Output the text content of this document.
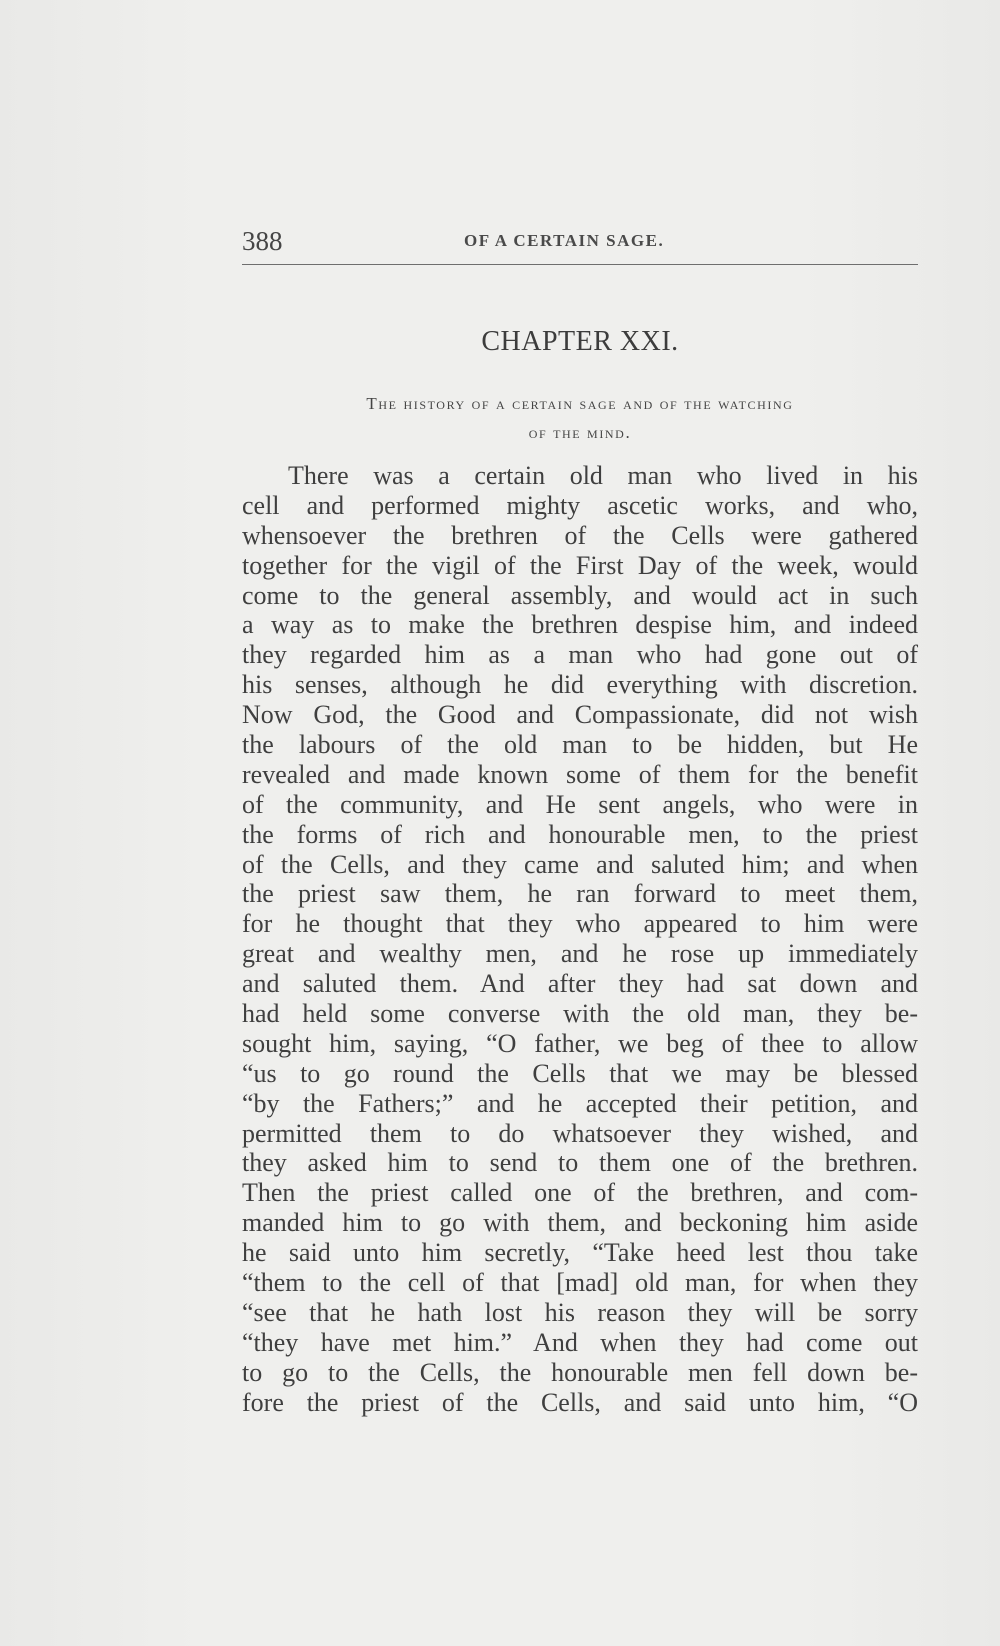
388	OF A CERTAIN SAGE.
CHAPTER XXI.
The history of a certain sage and of the watching
of the mind.
There was a certain old man who lived in his
cell and performed mighty ascetic works, and who,
whensoever the brethren of the Cells were gathered
together for the vigil of the First Day of the week, would
come to the general assembly, and would act in such
a way as to make the brethren despise him, and indeed
they regarded him as a man who had gone out of
his senses, although he did everything with discretion.
Now God, the Good and Compassionate, did not wish
the labours of the old man to be hidden, but He
revealed and made known some of them for the benefit
of the community, and He sent angels, who were in
the forms of rich and honourable men, to the priest
of the Cells, and they came and saluted him; and when
the priest saw them, he ran forward to meet them,
for he thought that they who appeared to him were
great and wealthy men, and he rose up immediately
and saluted them. And after they had sat down and
had held some converse with the old man, they be-
sought him, saying, “O father, we beg of thee to allow
“us to go round the Cells that we may be blessed
“by the Fathers;” and he accepted their petition, and
permitted them to do whatsoever they wished, and
they asked him to send to them one of the brethren.
Then the priest called one of the brethren, and com-
manded him to go with them, and beckoning him aside
he said unto him secretly, “Take heed lest thou take
“them to the cell of that [mad] old man, for when they
“see that he hath lost his reason they will be sorry
“they have met him.” And when they had come out
to go to the Cells, the honourable men fell down be-
fore the priest of the Cells, and said unto him, “O
